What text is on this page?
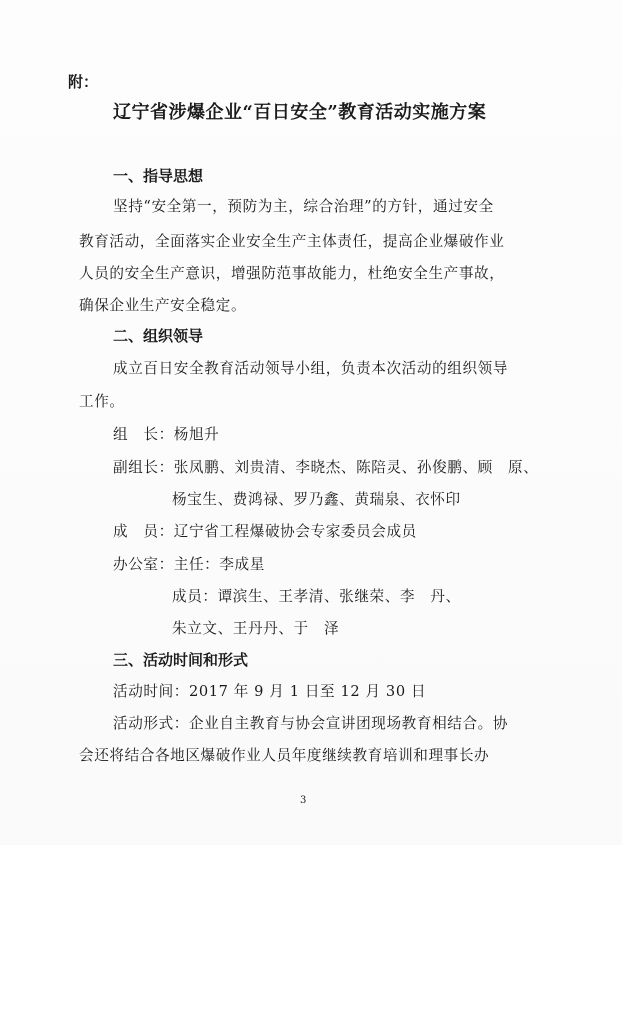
附：
辽宁省涉爆企业“百日安全”教育活动实施方案
一、指导思想
坚持“安全第一，预防为主，综合治理”的方针，通过安全
教育活动，全面落实企业安全生产主体责任，提高企业爆破作业
人员的安全生产意识，增强防范事故能力，杜绝安全生产事故，
确保企业生产安全稳定。
二、组织领导
成立百日安全教育活动领导小组，负责本次活动的组织领导
工作。
组　长：杨旭升
副组长：张凤鹏、刘贵清、李晓杰、陈陪灵、孙俊鹏、顾　原、
杨宝生、费鸿禄、罗乃鑫、黄瑞泉、衣怀印
成　员：辽宁省工程爆破协会专家委员会成员
办公室：主任：李成星
成员：谭滨生、王孝清、张继荣、李　丹、
朱立文、王丹丹、于　泽
三、活动时间和形式
活动时间：2017 年 9 月 1 日至 12 月 30 日
活动形式：企业自主教育与协会宣讲团现场教育相结合。协
会还将结合各地区爆破作业人员年度继续教育培训和理事长办
3
